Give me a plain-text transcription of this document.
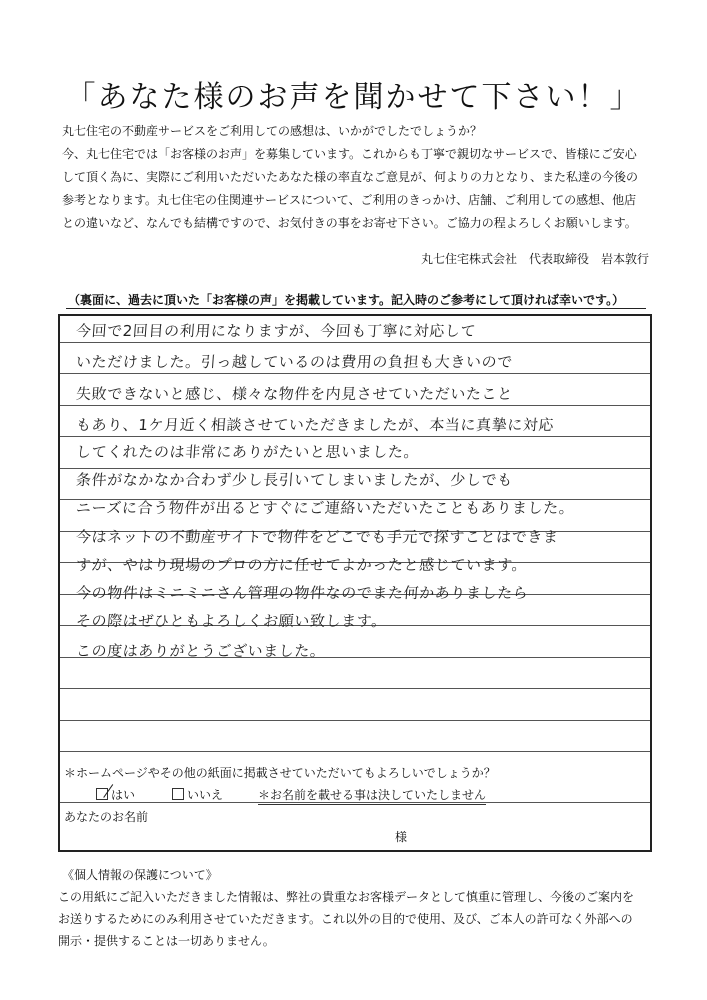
「あなた様のお声を聞かせて下さい！」
丸七住宅の不動産サービスをご利用しての感想は、いかがでしたでしょうか？
今、丸七住宅では「お客様のお声」を募集しています。これからも丁寧で親切なサービスで、皆様にご安心
して頂く為に、実際にご利用いただいたあなた様の率直なご意見が、何よりの力となり、また私達の今後の
参考となります。丸七住宅の住関連サービスについて、ご利用のきっかけ、店舗、ご利用しての感想、他店
との違いなど、なんでも結構ですので、お気付きの事をお寄せ下さい。ご協力の程よろしくお願いします。
丸七住宅株式会社　代表取締役　岩本敦行
（裏面に、過去に頂いた「お客様の声」を掲載しています。記入時のご参考にして頂ければ幸いです。）
今回で2回目の利用になりますが、今回も丁寧に対応して
いただけました。引っ越しているのは費用の負担も大きいので
失敗できないと感じ、様々な物件を内見させていただいたこと
もあり、1ケ月近く相談させていただきましたが、本当に真摯に対応
してくれたのは非常にありがたいと思いました。
条件がなかなか合わず少し長引いてしまいましたが、少しでも
ニーズに合う物件が出るとすぐにご連絡いただいたこともありました。
今はネットの不動産サイトで物件をどこでも手元で探すことはできま
すが、やはり現場のプロの方に任せてよかったと感じています。
今の物件はミニミニさん管理の物件なのでまた何かありましたら
その際はぜひともよろしくお願い致します。
この度はありがとうございました。
＊ホームページやその他の紙面に掲載させていただいてもよろしいでしょうか？
はい	いいえ	＊お名前を載せる事は決していたしません
あなたのお名前
様
《個人情報の保護について》
この用紙にご記入いただきました情報は、弊社の貴重なお客様データとして慎重に管理し、今後のご案内を
お送りするためにのみ利用させていただきます。これ以外の目的で使用、及び、ご本人の許可なく外部への
開示・提供することは一切ありません。
